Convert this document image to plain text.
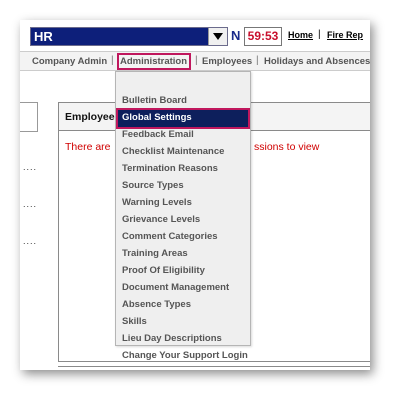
HR	N 59:53	Home | Fire Rep
Company Admin | Administration | Employees | Holidays and Absences
....
....
....
Employee
There are	ssions to view
Bulletin Board
Global Settings
Feedback Email
Checklist Maintenance
Termination Reasons
Source Types
Warning Levels
Grievance Levels
Comment Categories
Training Areas
Proof Of Eligibility
Document Management
Absence Types
Skills
Lieu Day Descriptions
Change Your Support Login
